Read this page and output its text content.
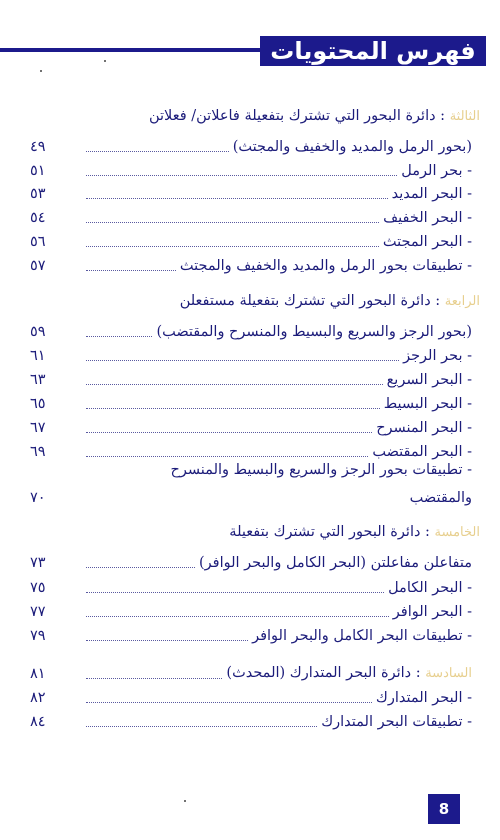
فهرس المحتويات
الثالثة : دائرة البحور التي تشترك بتفعيلة فاعلاتن/ فعلاتن
(بحور الرمل والمديد والخفيف والمجتث)
٤٩
- بحر الرمل
٥١
- البحر المديد
٥٣
- البحر الخفيف
٥٤
- البحر المجتث
٥٦
- تطبيقات بحور الرمل والمديد والخفيف والمجتث
٥٧
الرابعة : دائرة البحور التي تشترك بتفعيلة مستفعلن
(بحور الرجز والسريع والبسيط والمنسرح والمقتضب)
٥٩
- بحر الرجز
٦١
- البحر السريع
٦٣
- البحر البسيط
٦٥
- البحر المنسرح
٦٧
- البحر المقتضب
٦٩
- تطبيقات بحور الرجز والسريع والبسيط والمنسرح
والمقتضب
٧٠
الخامسة : دائرة البحور التي تشترك بتفعيلة
متفاعلن مفاعلتن (البحر الكامل والبحر الوافر)
٧٣
- البحر الكامل
٧٥
- البحر الوافر
٧٧
- تطبيقات البحر الكامل والبحر الوافر
٧٩
السادسة : دائرة البحر المتدارك (المحدث)
٨١
- البحر المتدارك
٨٢
- تطبيقات البحر المتدارك
٨٤
8
